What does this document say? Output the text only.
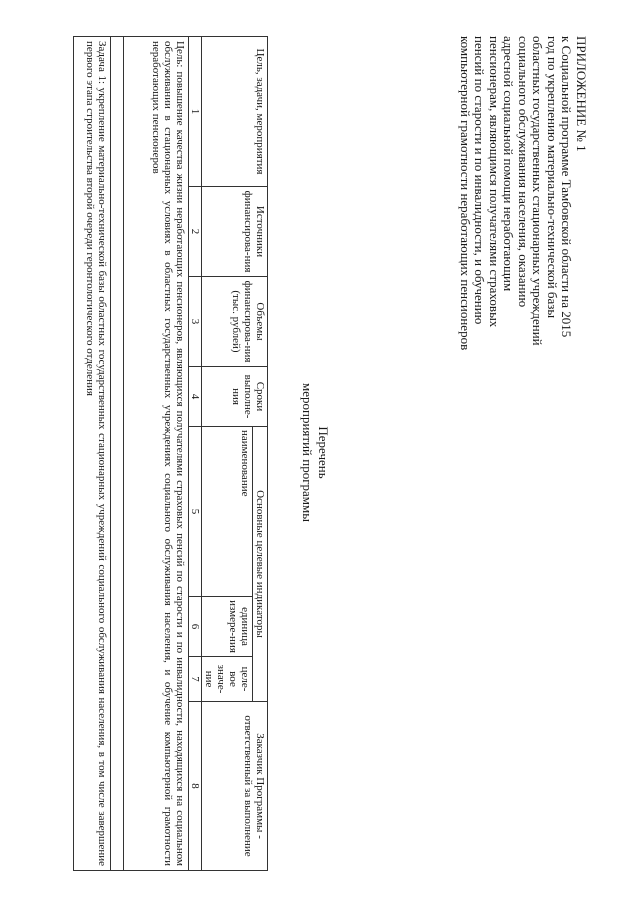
ПРИЛОЖЕНИЕ № 1
к Социальной программе Тамбовской области на 2015 год по укреплению материально-технической базы областных государственных стационарных учреждений социального обслуживания населения, оказанию адресной социальной помощи неработающим пенсионерам, являющимся получателями страховых пенсий по старости и по инвалидности, и обучению компьютерной грамотности неработающих пенсионеров
Перечень
мероприятий программы
Цель, задачи, мероприятия	Источники финансирова-ния	Объемы финансирова-ния (тыс. рублей)	Сроки выполне-ния	Основные целевые индикаторы			Заказчик Программы - ответственный за выполнение
				наименование	единица измере-ния	целе-вое значе-ние	
1	2	3	4	5	6	7	8
Цель: повышение качества жизни неработающих пенсионеров, являющихся получателями страховых пенсий по старости и по инвалидности, находящихся на социальном обслуживании в стационарных условиях в областных государственных учреждениях социального обслуживания населения, и обучение компьютерной грамотности неработающих пенсионеров							

Задача 1: укрепление материально-технической базы областных государственных стационарных учреждений социального обслуживания населения, в том числе завершение первого этапа строительства второй очереди геронтологического отделения							
